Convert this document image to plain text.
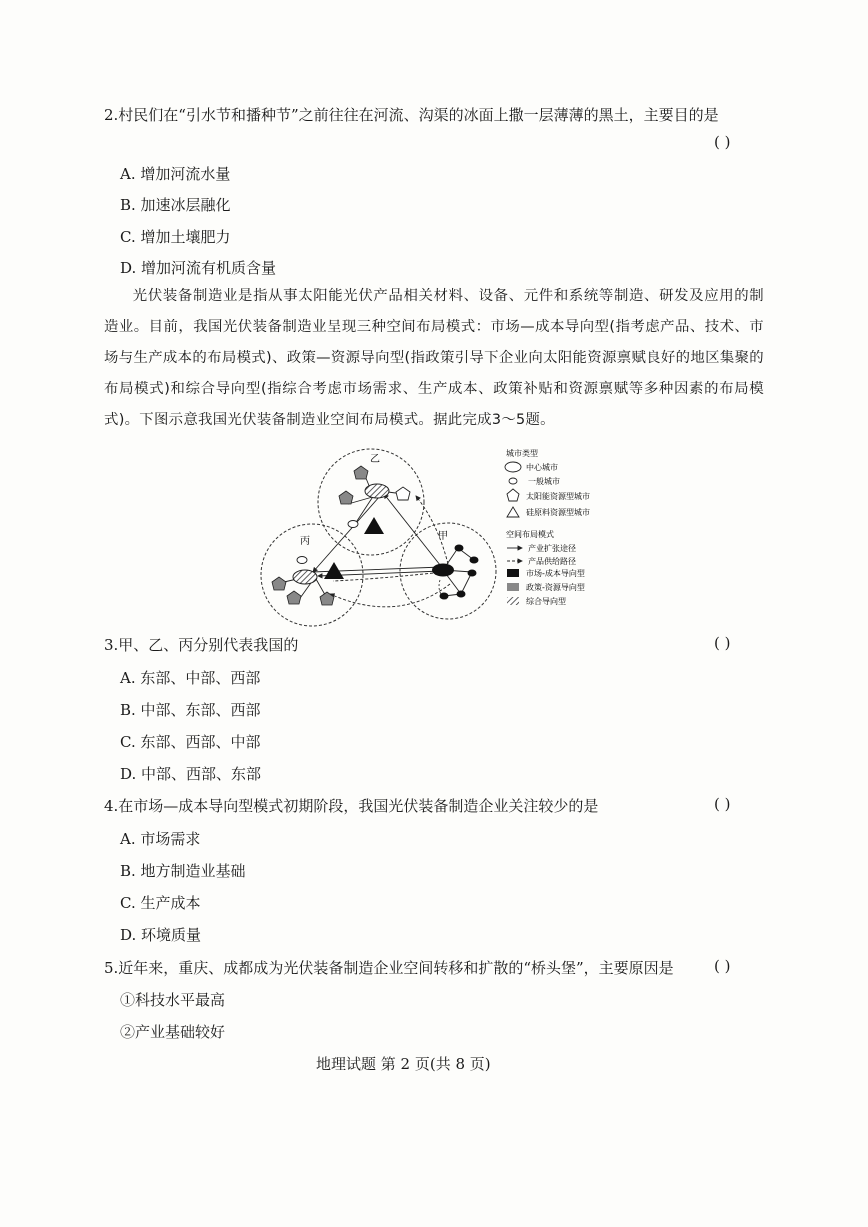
2.村民们在“引水节和播种节”之前往往在河流、沟渠的冰面上撒一层薄薄的黑土，主要目的是
( )
A. 增加河流水量
B. 加速冰层融化
C. 增加土壤肥力
D. 增加河流有机质含量
光伏装备制造业是指从事太阳能光伏产品相关材料、设备、元件和系统等制造、研发及应用的制造业。目前，我国光伏装备制造业呈现三种空间布局模式：市场—成本导向型(指考虑产品、技术、市场与生产成本的布局模式)、政策—资源导向型(指政策引导下企业向太阳能资源禀赋良好的地区集聚的布局模式)和综合导向型(指综合考虑市场需求、生产成本、政策补贴和资源禀赋等多种因素的布局模式)。下图示意我国光伏装备制造业空间布局模式。据此完成3～5题。
乙
丙	甲
城市类型
中心城市
一般城市
太阳能资源型城市
硅原料资源型城市
空间布局模式
产业扩张途径
产品供给路径
市场-成本导向型
政策-资源导向型
综合导向型
3.甲、乙、丙分别代表我国的	( )
A. 东部、中部、西部
B. 中部、东部、西部
C. 东部、西部、中部
D. 中部、西部、东部
4.在市场—成本导向型模式初期阶段，我国光伏装备制造企业关注较少的是	( )
A. 市场需求
B. 地方制造业基础
C. 生产成本
D. 环境质量
5.近年来，重庆、成都成为光伏装备制造企业空间转移和扩散的“桥头堡”，主要原因是	( )
①科技水平最高
②产业基础较好
地理试题 第 2 页(共 8 页)
